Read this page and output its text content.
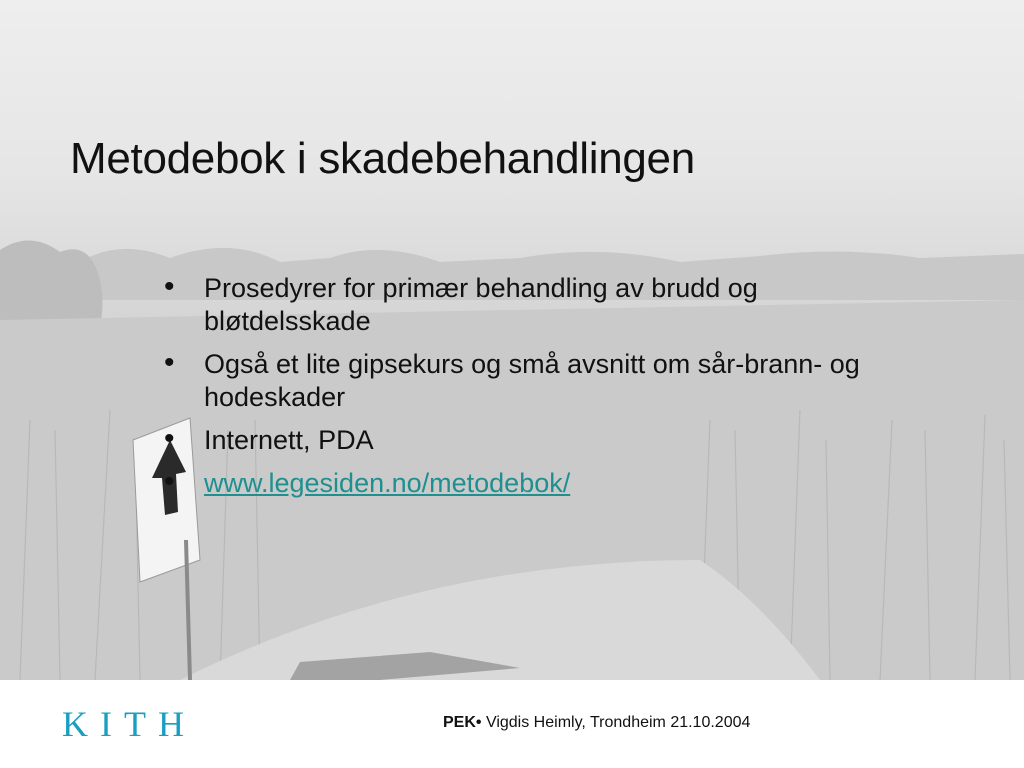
Metodebok i skadebehandlingen
• Prosedyrer for primær behandling av brudd og bløtdelsskade
• Også et lite gipsekurs og små avsnitt om sår-brann- og hodeskader
• Internett, PDA
• www.legesiden.no/metodebok/
KITH	PEK• Vigdis Heimly, Trondheim 21.10.2004
